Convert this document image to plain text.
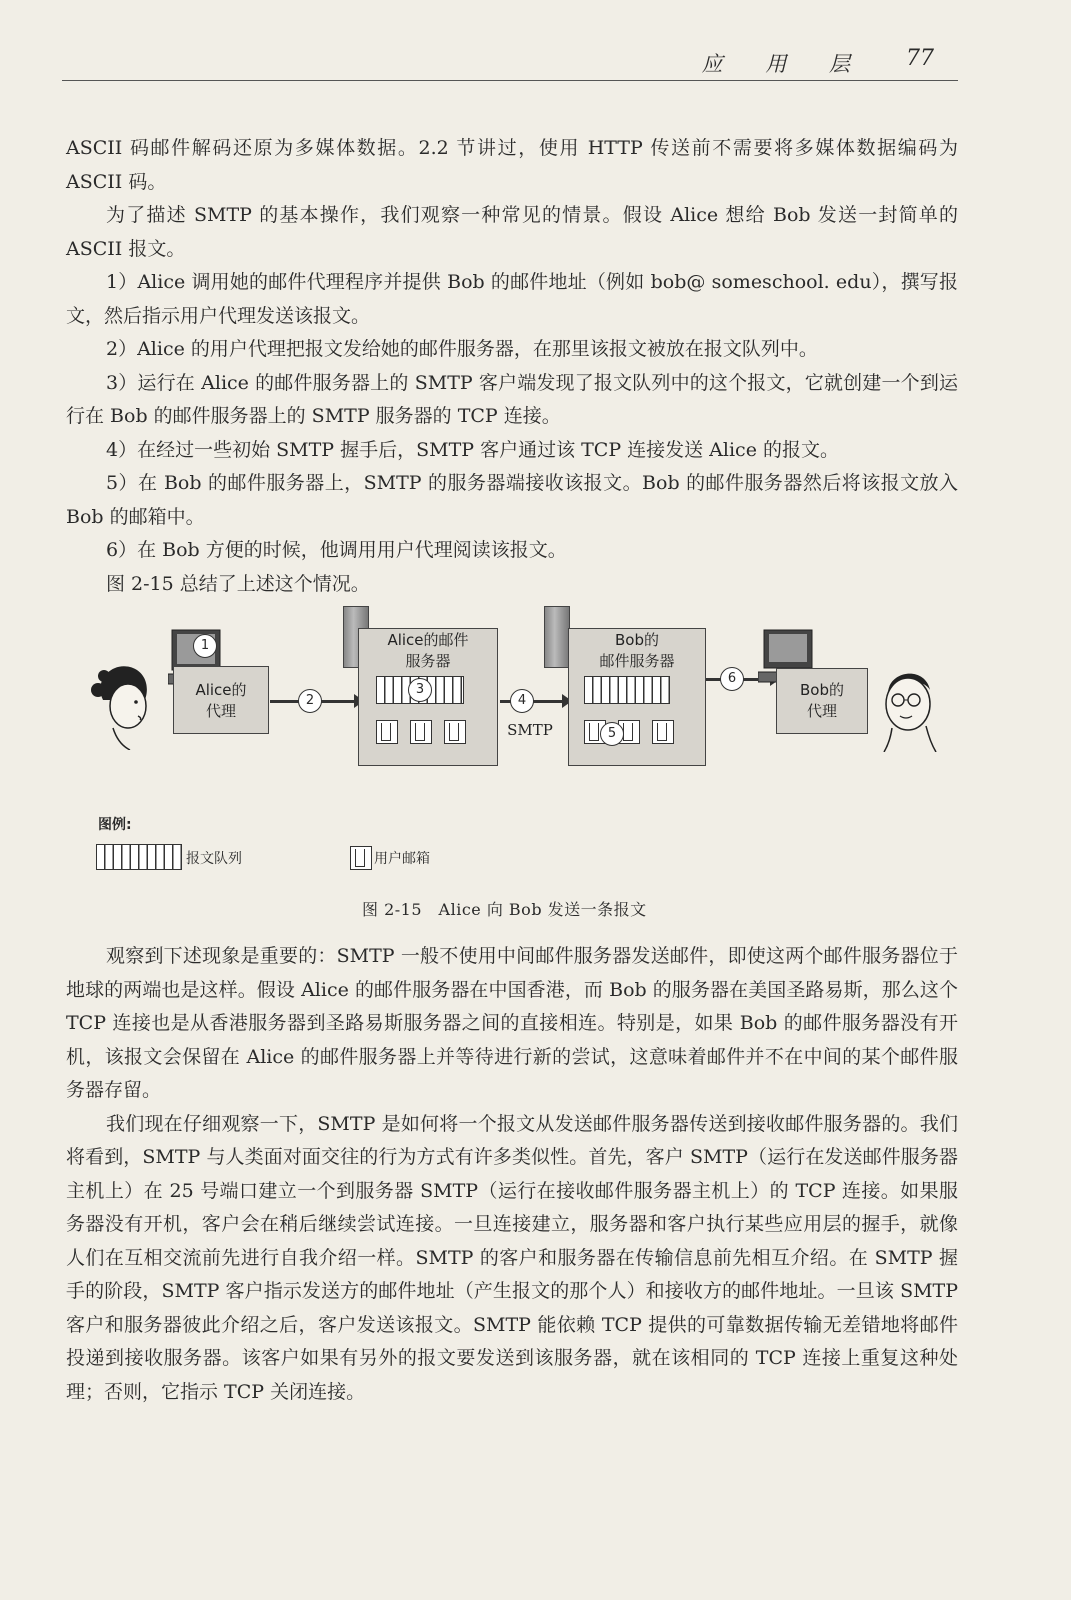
应 用 层 77

ASCII 码邮件解码还原为多媒体数据。2.2 节讲过，使用 HTTP 传送前不需要将多媒体数据编码为 ASCII 码。

为了描述 SMTP 的基本操作，我们观察一种常见的情景。假设 Alice 想给 Bob 发送一封简单的 ASCII 报文。

1）Alice 调用她的邮件代理程序并提供 Bob 的邮件地址（例如 bob@ someschool. edu），撰写报文，然后指示用户代理发送该报文。

2）Alice 的用户代理把报文发给她的邮件服务器，在那里该报文被放在报文队列中。

3）运行在 Alice 的邮件服务器上的 SMTP 客户端发现了报文队列中的这个报文，它就创建一个到运行在 Bob 的邮件服务器上的 SMTP 服务器的 TCP 连接。

4）在经过一些初始 SMTP 握手后，SMTP 客户通过该 TCP 连接发送 Alice 的报文。

5）在 Bob 的邮件服务器上，SMTP 的服务器端接收该报文。Bob 的邮件服务器然后将该报文放入 Bob 的邮箱中。

6）在 Bob 方便的时候，他调用用户代理阅读该报文。

图 2-15 总结了上述这个情况。

1
Alice的
代理
2
Alice的邮件
服务器
3
4
SMTP
Bob的
邮件服务器
5
6
Bob的
代理
图例:
报文队列	用户邮箱
图 2-15　Alice 向 Bob 发送一条报文

观察到下述现象是重要的：SMTP 一般不使用中间邮件服务器发送邮件，即使这两个邮件服务器位于地球的两端也是这样。假设 Alice 的邮件服务器在中国香港，而 Bob 的服务器在美国圣路易斯，那么这个 TCP 连接也是从香港服务器到圣路易斯服务器之间的直接相连。特别是，如果 Bob 的邮件服务器没有开机，该报文会保留在 Alice 的邮件服务器上并等待进行新的尝试，这意味着邮件并不在中间的某个邮件服务器存留。

我们现在仔细观察一下，SMTP 是如何将一个报文从发送邮件服务器传送到接收邮件服务器的。我们将看到，SMTP 与人类面对面交往的行为方式有许多类似性。首先，客户 SMTP（运行在发送邮件服务器主机上）在 25 号端口建立一个到服务器 SMTP（运行在接收邮件服务器主机上）的 TCP 连接。如果服务器没有开机，客户会在稍后继续尝试连接。一旦连接建立，服务器和客户执行某些应用层的握手，就像人们在互相交流前先进行自我介绍一样。SMTP 的客户和服务器在传输信息前先相互介绍。在 SMTP 握手的阶段，SMTP 客户指示发送方的邮件地址（产生报文的那个人）和接收方的邮件地址。一旦该 SMTP 客户和服务器彼此介绍之后，客户发送该报文。SMTP 能依赖 TCP 提供的可靠数据传输无差错地将邮件投递到接收服务器。该客户如果有另外的报文要发送到该服务器，就在该相同的 TCP 连接上重复这种处理；否则，它指示 TCP 关闭连接。
